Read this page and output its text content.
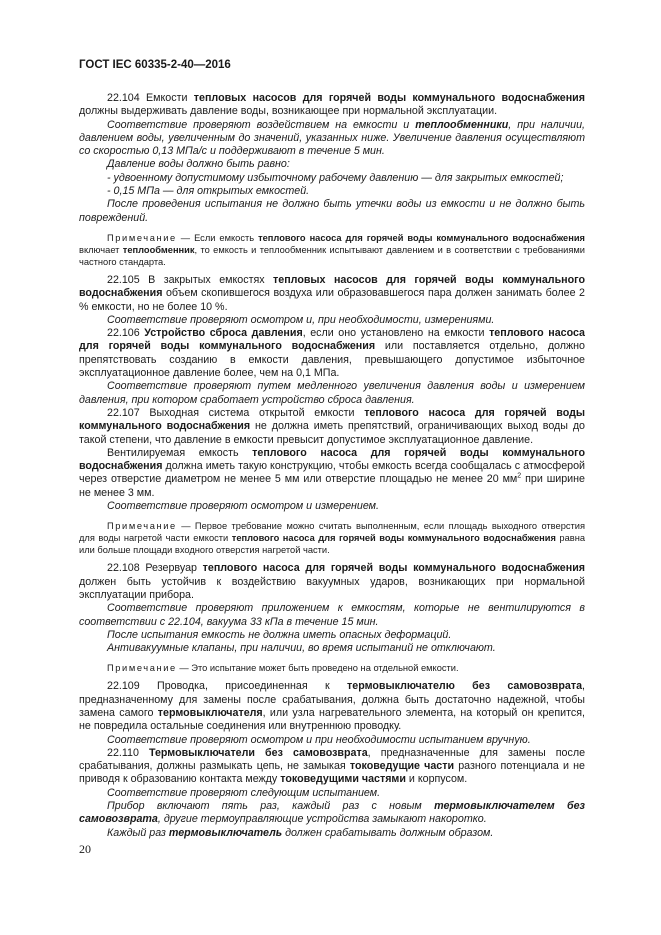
ГОСТ IEC 60335-2-40—2016

22.104 Емкости тепловых насосов для горячей воды коммунального водоснабжения должны выдерживать давление воды, возникающее при нормальной эксплуатации.

Соответствие проверяют воздействием на емкости и теплообменники, при наличии, давлением воды, увеличенным до значений, указанных ниже. Увеличение давления осуществляют со скоростью 0,13 МПа/с и поддерживают в течение 5 мин.

Давление воды должно быть равно:

- удвоенному допустимому избыточному рабочему давлению — для закрытых емкостей;

- 0,15 МПа — для открытых емкостей.

После проведения испытания не должно быть утечки воды из емкости и не должно быть повреждений.

Примечание — Если емкость теплового насоса для горячей воды коммунального водоснабжения включает теплообменник, то емкость и теплообменник испытывают давлением и в соответствии с требованиями частного стандарта.

22.105 В закрытых емкостях тепловых насосов для горячей воды коммунального водоснабжения объем скопившегося воздуха или образовавшегося пара должен занимать более 2 % емкости, но не более 10 %.

Соответствие проверяют осмотром и, при необходимости, измерениями.

22.106 Устройство сброса давления, если оно установлено на емкости теплового насоса для горячей воды коммунального водоснабжения или поставляется отдельно, должно препятствовать созданию в емкости давления, превышающего допустимое избыточное эксплуатационное давление более, чем на 0,1 МПа.

Соответствие проверяют путем медленного увеличения давления воды и измерением давления, при котором сработает устройство сброса давления.

22.107 Выходная система открытой емкости теплового насоса для горячей воды коммунального водоснабжения не должна иметь препятствий, ограничивающих выход воды до такой степени, что давление в емкости превысит допустимое эксплуатационное давление.

Вентилируемая емкость теплового насоса для горячей воды коммунального водоснабжения должна иметь такую конструкцию, чтобы емкость всегда сообщалась с атмосферой через отверстие диаметром не менее 5 мм или отверстие площадью не менее 20 $мм^2$ при ширине не менее 3 мм.

Соответствие проверяют осмотром и измерением.

Примечание — Первое требование можно считать выполненным, если площадь выходного отверстия для воды нагретой части емкости теплового насоса для горячей воды коммунального водоснабжения равна или больше площади входного отверстия нагретой части.

22.108 Резервуар теплового насоса для горячей воды коммунального водоснабжения должен быть устойчив к воздействию вакуумных ударов, возникающих при нормальной эксплуатации прибора.

Соответствие проверяют приложением к емкостям, которые не вентилируются в соответствии с 22.104, вакуума 33 кПа в течение 15 мин.

После испытания емкость не должна иметь опасных деформаций.

Антивакуумные клапаны, при наличии, во время испытаний не отключают.

Примечание — Это испытание может быть проведено на отдельной емкости.

22.109 Проводка, присоединенная к термовыключателю без самовозврата, предназначенному для замены после срабатывания, должна быть достаточно надежной, чтобы замена самого термовыключателя, или узла нагревательного элемента, на который он крепится, не повредила остальные соединения или внутреннюю проводку.

Соответствие проверяют осмотром и при необходимости испытанием вручную.

22.110 Термовыключатели без самовозврата, предназначенные для замены после срабатывания, должны размыкать цепь, не замыкая токоведущие части разного потенциала и не приводя к образованию контакта между токоведущими частями и корпусом.

Соответствие проверяют следующим испытанием.

Прибор включают пять раз, каждый раз с новым термовыключателем без самовозврата, другие термоуправляющие устройства замыкают накоротко.

Каждый раз термовыключатель должен срабатывать должным образом.

20
